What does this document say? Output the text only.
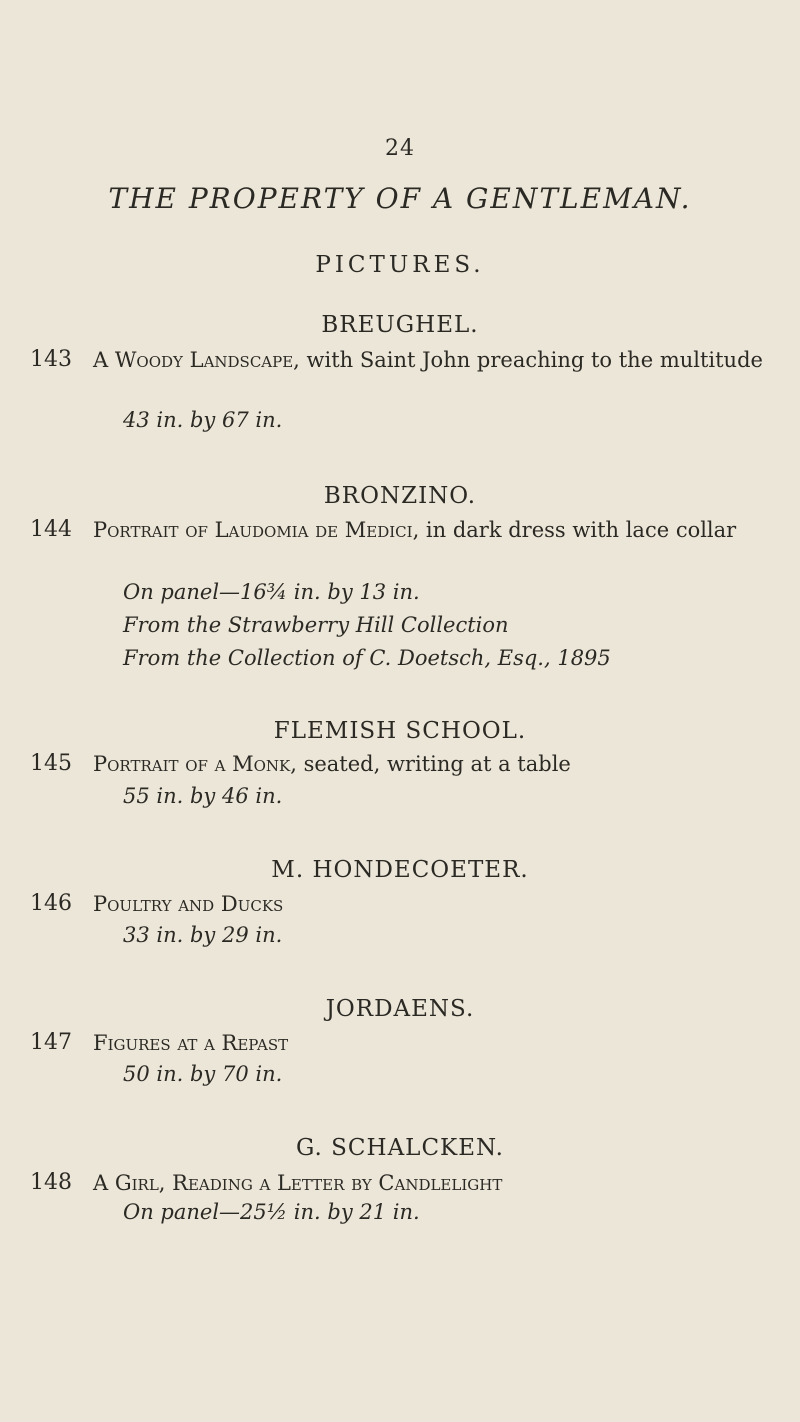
24
THE PROPERTY OF A GENTLEMAN.
PICTURES.
BREUGHEL.
143 A Woody Landscape, with Saint John preaching to the multitude
43 in. by 67 in.
BRONZINO.
144 Portrait of Laudomia de Medici, in dark dress with lace collar
On panel—16¾ in. by 13 in.
From the Strawberry Hill Collection
From the Collection of C. Doetsch, Esq., 1895
FLEMISH SCHOOL.
145 Portrait of a Monk, seated, writing at a table
55 in. by 46 in.
M. HONDECOETER.
146 Poultry and Ducks
33 in. by 29 in.
JORDAENS.
147 Figures at a Repast
50 in. by 70 in.
G. SCHALCKEN.
148 A Girl, Reading a Letter by Candlelight
On panel—25½ in. by 21 in.
